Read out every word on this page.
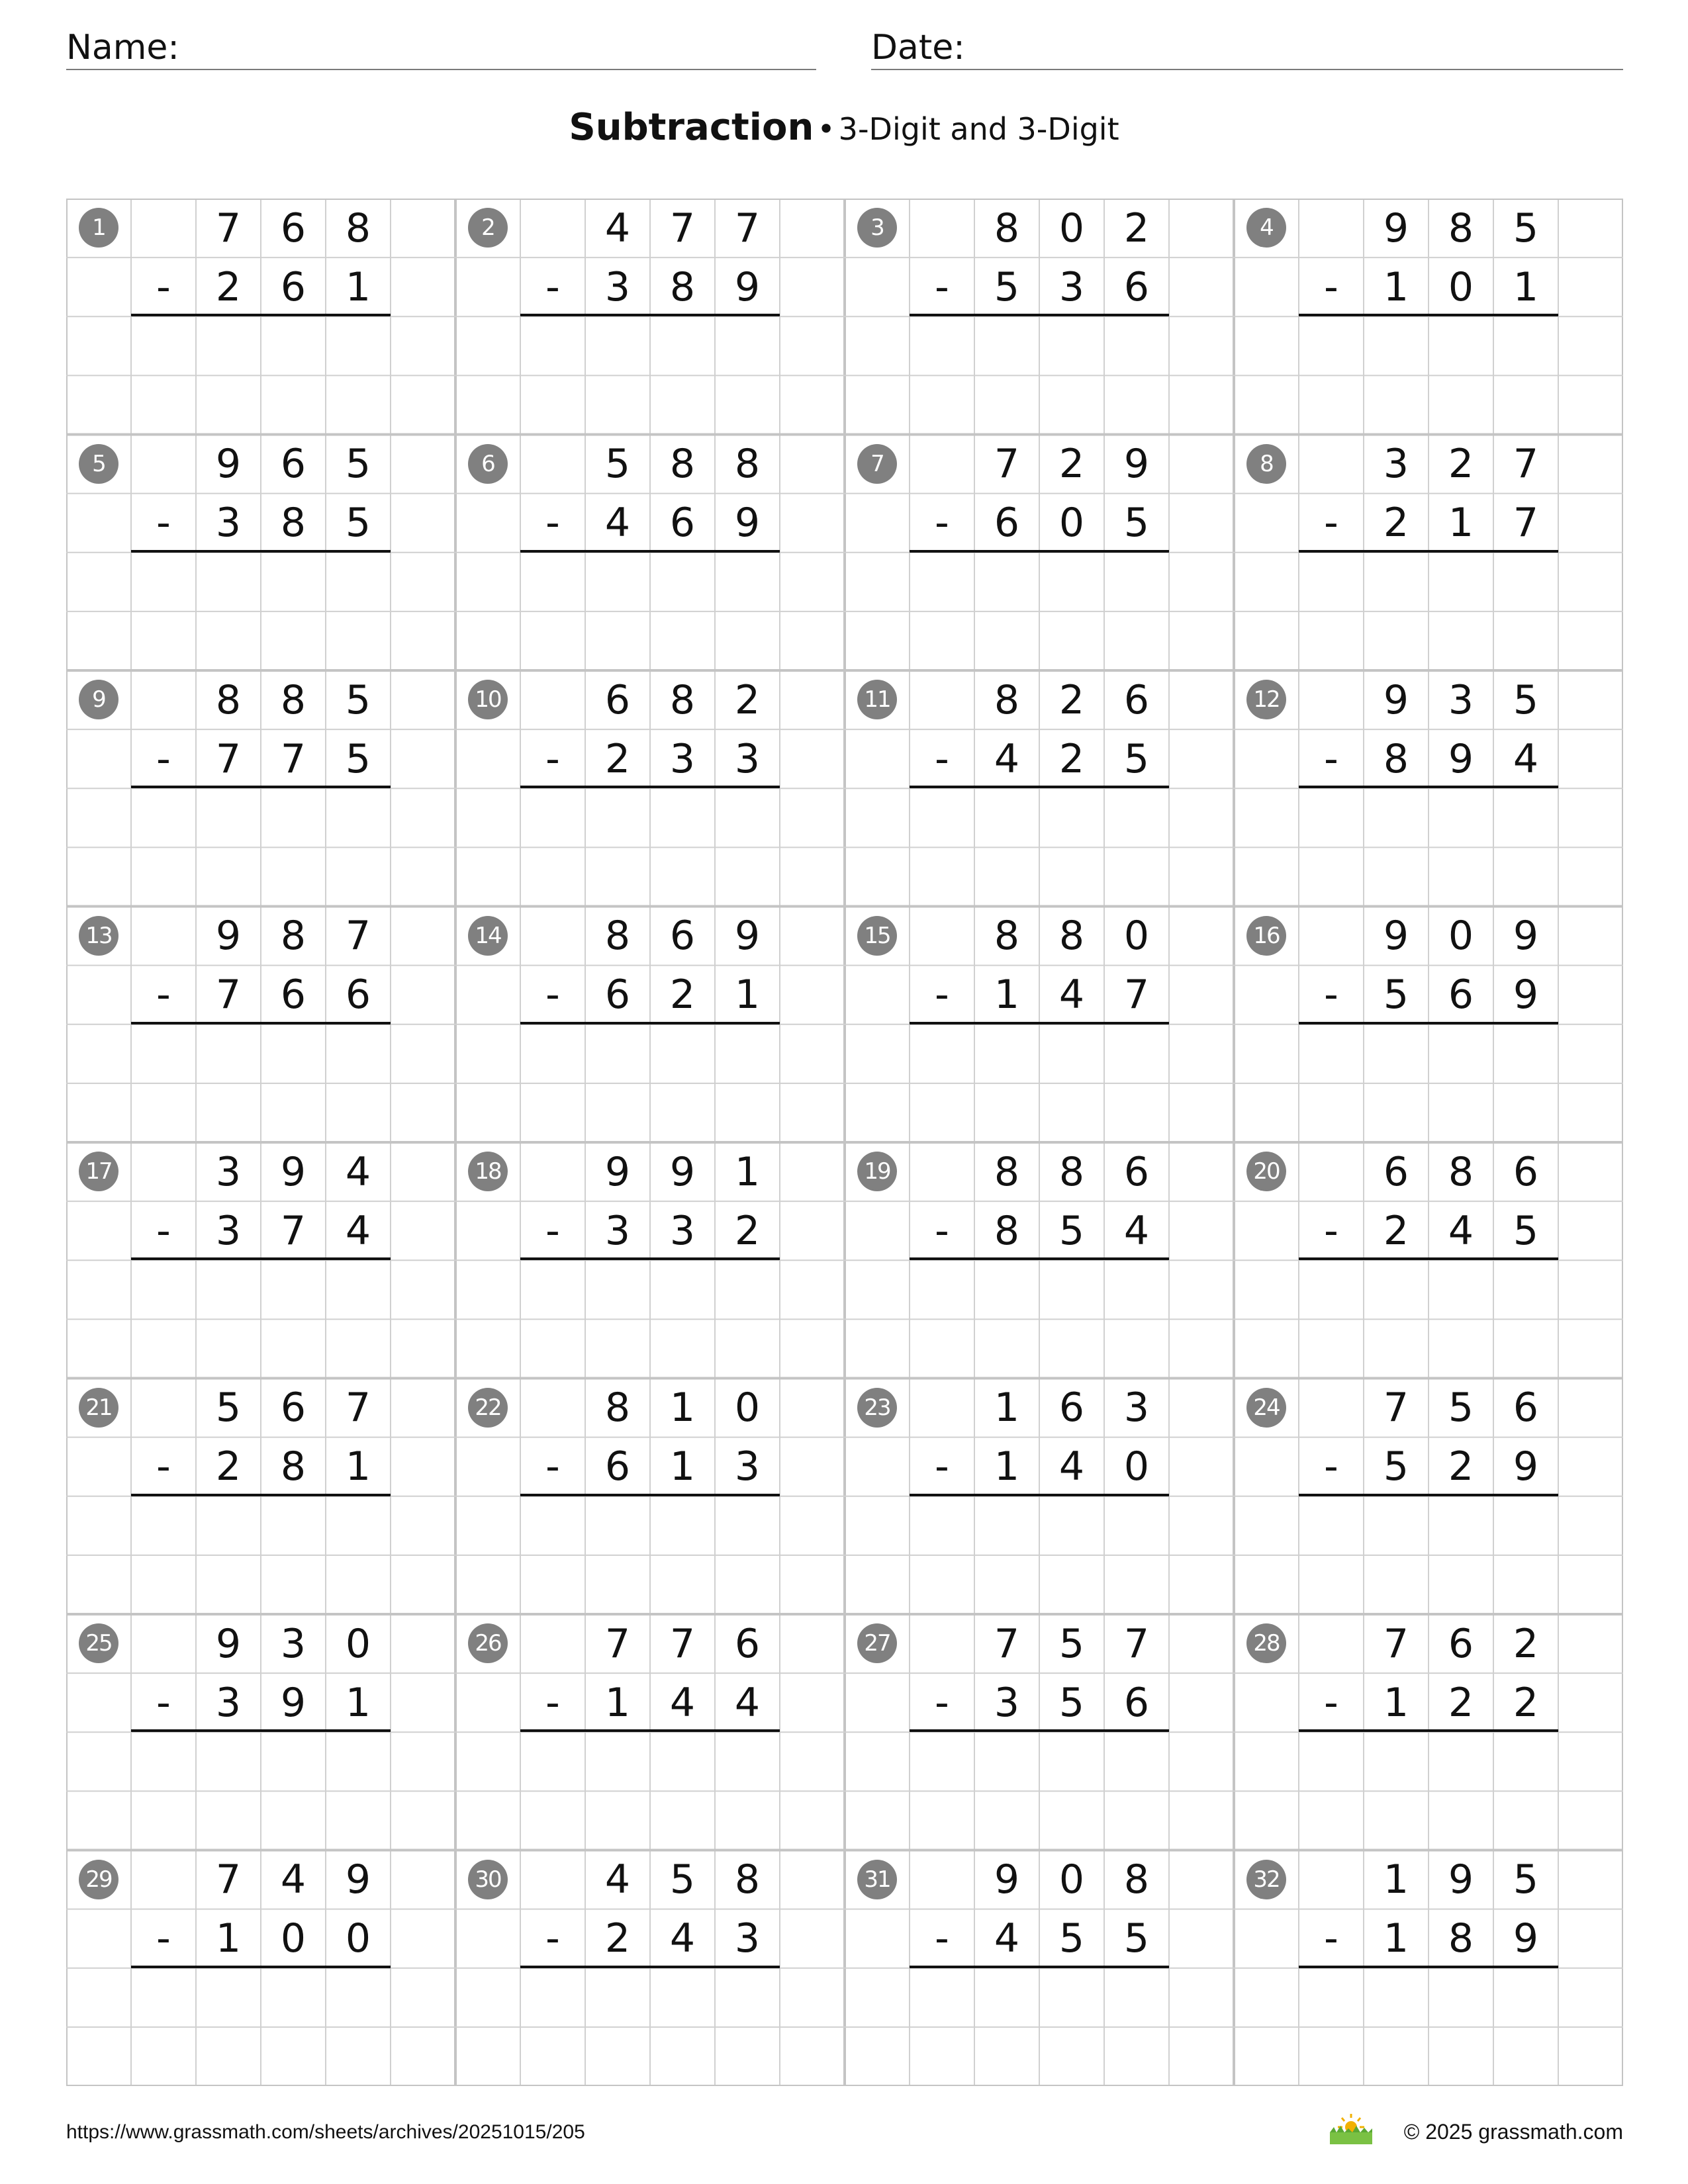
Name:	Date:
Subtraction • 3-Digit and 3-Digit
1	7 6 8
-	2 6 1
2	4 7 7
-	3 8 9
3	8 0 2
-	5 3 6
4	9 8 5
-	1 0 1
5	9 6 5
-	3 8 5
6	5 8 8
-	4 6 9
7	7 2 9
-	6 0 5
8	3 2 7
-	2 1 7
9	8 8 5
-	7 7 5
10	6 8 2
-	2 3 3
11	8 2 6
-	4 2 5
12	9 3 5
-	8 9 4
13	9 8 7
-	7 6 6
14	8 6 9
-	6 2 1
15	8 8 0
-	1 4 7
16	9 0 9
-	5 6 9
17	3 9 4
-	3 7 4
18	9 9 1
-	3 3 2
19	8 8 6
-	8 5 4
20	6 8 6
-	2 4 5
21	5 6 7
-	2 8 1
22	8 1 0
-	6 1 3
23	1 6 3
-	1 4 0
24	7 5 6
-	5 2 9
25	9 3 0
-	3 9 1
26	7 7 6
-	1 4 4
27	7 5 7
-	3 5 6
28	7 6 2
-	1 2 2
29	7 4 9
-	1 0 0
30	4 5 8
-	2 4 3
31	9 0 8
-	4 5 5
32	1 9 5
-	1 8 9
https://www.grassmath.com/sheets/archives/20251015/205	© 2025 grassmath.com
